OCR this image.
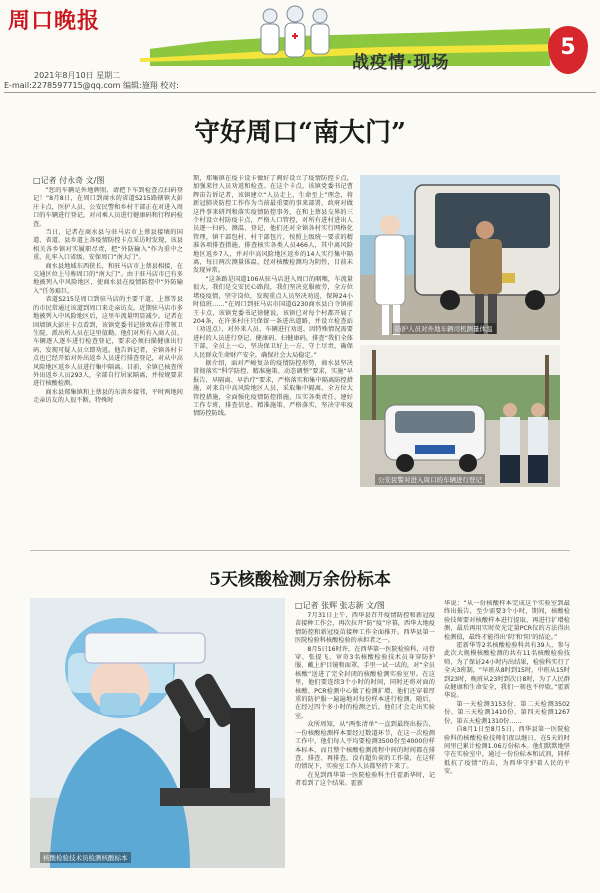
周口晚报
战疫情·现场
5
2021年8月10日 星期二
E-mail:2278597715@qq.com 编辑:施翔 校对:
守好周口“南大门”
□记者 付永奇 文/图

“您的车辆是外地牌照，请把下车到检查点扫码登记！”8月8日，在周口到商水的省道S215路辖镇大彭庄卡点，医护人员、公安民警和乡村干部正在对进入周口的车辆进行登记，对司乘人员进行健康码和行程码检查。

当日，记者在商水县与驻马店市上蔡县接壤的国道、省道、县乡道上各疫情防控卡点采访时发现，该县相关各乡镇对实履职尽责，把“外防输入”作为重中之重，扎牢入口省级、安保周口“南大门”。

商水县地域东西狭长，和驻马店市上蔡县相接，在交通区位上号称周口的“南大门”。由于驻马店市已有多地被列入中风险地区，使商水县在疫情防控中“外防输入”任务艰巨。

省道S215是周口到驻马店的主要干道，上蔡等县的市民常通过该道到周口来走亲访友。近期驻马店市多地被列入中风险地区后，这里车流量明显减少。记者在固墙镇大彭庄卡点看到，该镇党委书记徐欢春正带领卫生院、派出所人员在这里值勤。他们对所有入商人员、车辆逐人逐车进行检查登记，要求必须扫描健康出行码，发现可疑人员立即劝返。他告诉记者，全镇各村卡点也已经开始对外出返乡人员进行排查登记，对从中高风险地区返乡人员进行集中隔离。目前，全镇已核查所外出返乡人员293人，全部自行居家隔离，并按规要求进行核酸检测。

商水县郑集镇和上蔡县的东洪乡接邻，平时两地间走亲访友的人很不断。特殊时

期，郑集镇在疫卡设卡做好了阀好设立了疫情防控卡点，加强来往人员劝返和检查。在这个卡点，该镇党委书记曹辉宙告诉记者，该镇建立“人员走上，生命至上”理念，将新冠肺炎防控工作作为当前最重要的事来部署、政府对做这件事来研判和落实疫情防控事务，在和上蔡县交界的三个村设立村防疫卡点，严格人口管控，对所有进村进出人员逐一扫码、测温、登记，他们还对全镇各村实行网格化管理，镇干部包村、村干部包片，按照上级统一要求的精准各项排查措施，排查核实各类人员466人，其中离风险地区返乡7人，并对中高风险地区返乡的14人实行集中隔离，每日两次测量体温，经对核酸检测均为阴性，目前未发现异常。

“这条路是国道106从驻马店进入周口的咽喉，车流量很大，我们是交安民心路段，我们坚决克服疲劳，全方位堵疫疫情，坚守岗位，发现重点人员坚决劝返，保障24小时值班……”在周口到驻马店市国道G230商水县白寺镇前王卡点，该镇党委书记徐健说，该镇已对每个村都开展了204条，在许多村庄只保留一条进出道路，并设立检查站（劝返点），对外来人员、车辆进行劝返、因特殊情况需要进村的人员进行登记、健康码、扫健康码，排查“我们全体干部，全员上一心，坚决保卫好上一方，守土尽责，确保人民群众生命财产安全，确保社会大局稳定。”

据介绍，面对严峻复杂的疫情防控形势，商水县坚决贯彻落实“科学防控、精准施策、动态调整”要求，实施“早报告、早隔离、早治疗”要求，严格落实和集中隔离防控措施，对来自中高风险地区人员，采取集中隔离、全方位大管控措施，全面强化疫情防控措施，压实各类责任、建好工作专班，排查信息、精准施策、严格落实，坚决守牢疫情防控防线。

防护人员对外地车辆司机测量体温
公安民警对进入周口的车辆进行登记
5天核酸检测万余份标本
核酸检验技术员检测核酸标本
□记者 张辉 张志新 文/图

7月31日上午，西华县召开疫情防控和新冠疫苗接种工作会，再次拉开“防”疫”序幕，西华大地疫情防控和新冠疫苗接种工作全面推开。西华县第一医院检验科核酸检验的承担者之一。

8月5日16时许，在西华第一医院检验科，司骨穿、张提飞、审奇3名核酸检验技术员身穿防护服、戴上护目镜和面罩，手里一试一试的，对“全员核酸”送进了完全封闭的核酸检测实验室里。在这里，他们要连续3个小时的时间，同时还将对面的核酸、PCR检测中心做了检测扩增、他们还穿着厚重的防护服一遍遍地对每份样本进行检测，随后，在经过四个多小时的检测之后，他们才会走出实验室。

众所周知，从“两张清单”一直到最终出报告，一份核酸检测样本要经过数道环节，在这一次检测工作中，他们每人平均要检测3500份至4000份样本标本，而且整个核酸检测流程中间的时间都在排查、排查、再排查，没有超负荷的工作量，在这样的情况下，实验室工作人员都坚持下来了。

在见到西华第一医院检验科主任霍新华时，记者看到了这个结果。霍新

华说：“从一份核酸样本完成这个实验室到最终出报告，至少需要3个小时，期间，核酸检验技师要对核酸样本进行提取、再进行扩增检测，最后再用实时荧光定量PCR仪的方法得出检测值，最终才能得出‘阴’和‘阳’的结论。”

霍新华等2名核酸检验科共有39人，参与此次大规模核酸检测的共有11名核酸检验技师，为了保证24小时内出结果，检验科实行了全天3班制，“早班从8时到15时，中班从15时到23时，晚班从23时到次日8时，为了人民群众健康和生命安全，我们一刻也不停歇。”霍新华说。

第一天检测3153份、第二天检测3502份、第三天检测1410份、第四天检测1267份、第五天检测1310份……

自8月1日至8月5日，西华县第一医院检验科的核酸检验技师们夜以继日，在5天的时间里已累计检测1.06万份标本。他们默默地坚守在实验室中，通过一份份标本和试剂，同样抵抗了疫情”的击，为西华守护着人民的平安。
